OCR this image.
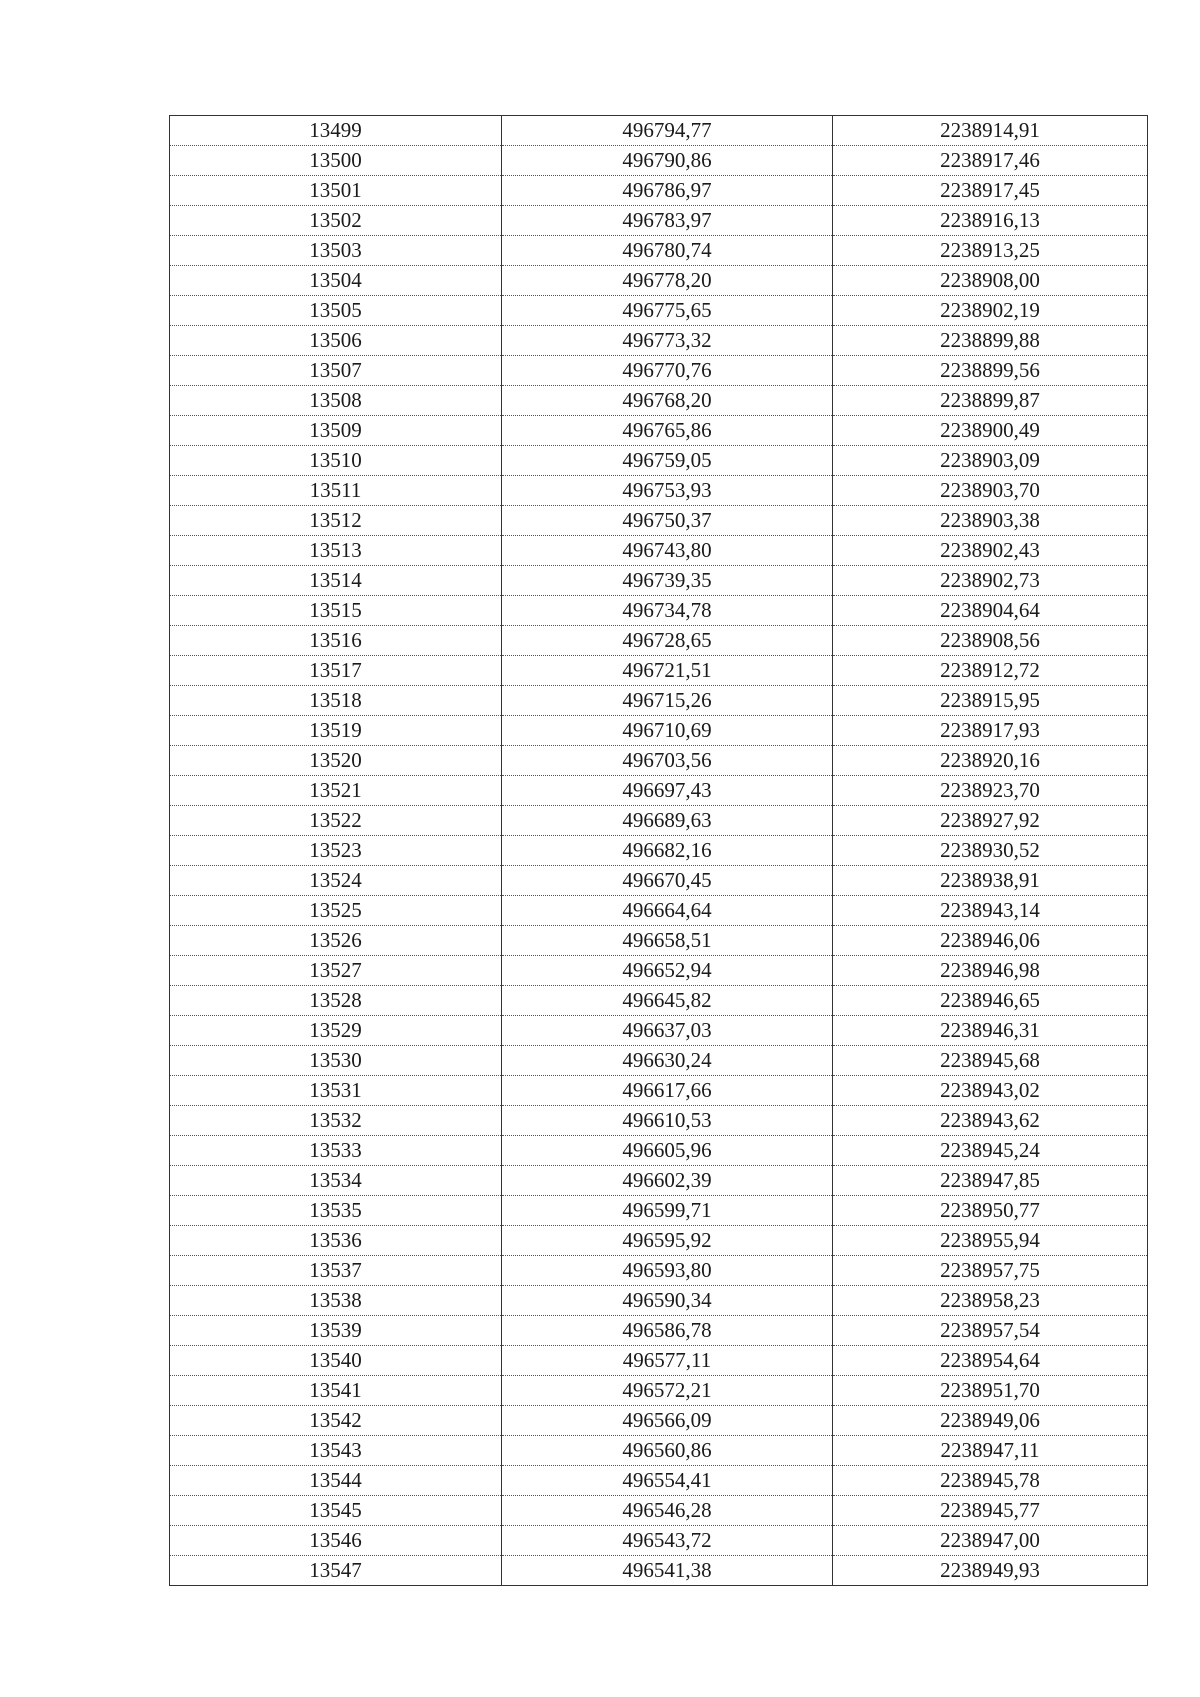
13499	496794,77	2238914,91
13500	496790,86	2238917,46
13501	496786,97	2238917,45
13502	496783,97	2238916,13
13503	496780,74	2238913,25
13504	496778,20	2238908,00
13505	496775,65	2238902,19
13506	496773,32	2238899,88
13507	496770,76	2238899,56
13508	496768,20	2238899,87
13509	496765,86	2238900,49
13510	496759,05	2238903,09
13511	496753,93	2238903,70
13512	496750,37	2238903,38
13513	496743,80	2238902,43
13514	496739,35	2238902,73
13515	496734,78	2238904,64
13516	496728,65	2238908,56
13517	496721,51	2238912,72
13518	496715,26	2238915,95
13519	496710,69	2238917,93
13520	496703,56	2238920,16
13521	496697,43	2238923,70
13522	496689,63	2238927,92
13523	496682,16	2238930,52
13524	496670,45	2238938,91
13525	496664,64	2238943,14
13526	496658,51	2238946,06
13527	496652,94	2238946,98
13528	496645,82	2238946,65
13529	496637,03	2238946,31
13530	496630,24	2238945,68
13531	496617,66	2238943,02
13532	496610,53	2238943,62
13533	496605,96	2238945,24
13534	496602,39	2238947,85
13535	496599,71	2238950,77
13536	496595,92	2238955,94
13537	496593,80	2238957,75
13538	496590,34	2238958,23
13539	496586,78	2238957,54
13540	496577,11	2238954,64
13541	496572,21	2238951,70
13542	496566,09	2238949,06
13543	496560,86	2238947,11
13544	496554,41	2238945,78
13545	496546,28	2238945,77
13546	496543,72	2238947,00
13547	496541,38	2238949,93
